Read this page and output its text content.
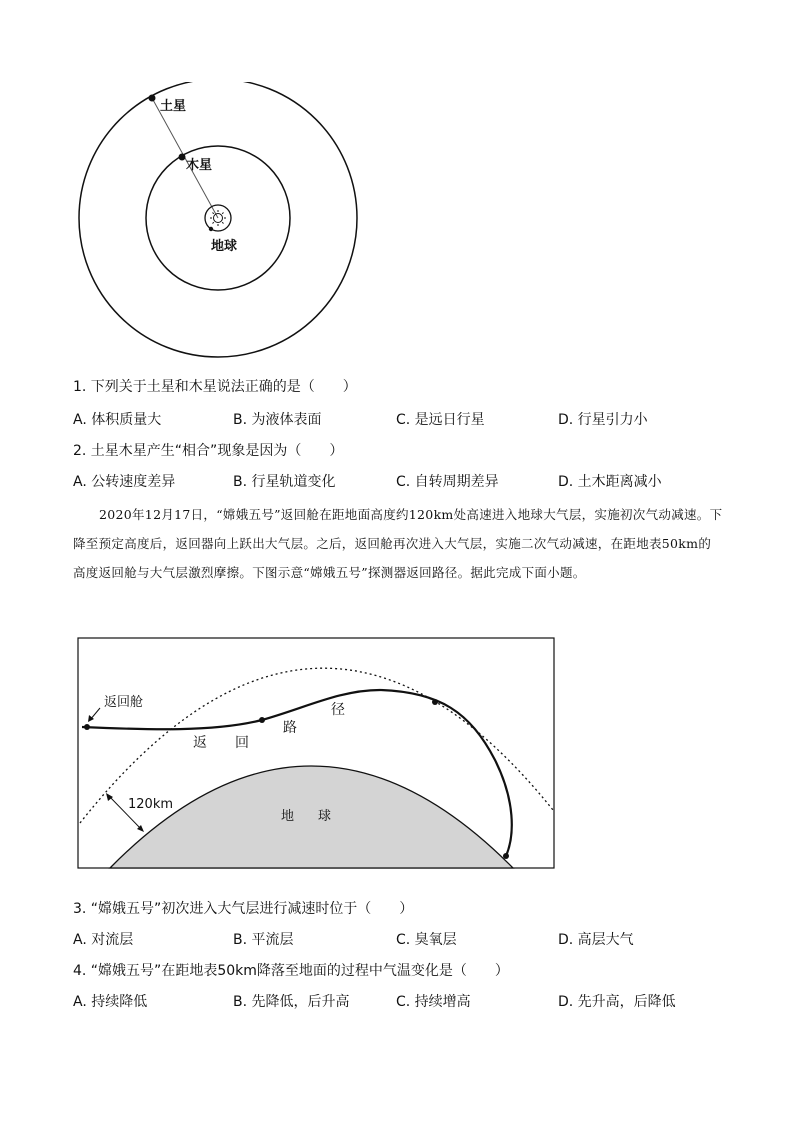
土星
木星
地球
1. 下列关于土星和木星说法正确的是（　　）
A. 体积质量大	B. 为液体表面	C. 是远日行星	D. 行星引力小
2. 土星木星产生“相合”现象是因为（　　）
A. 公转速度差异	B. 行星轨道变化	C. 自转周期差异	D. 土木距离减小
2020年12月17日，“嫦娥五号”返回舱在距地面高度约120km处高速进入地球大气层，实施初次气动减速。下降至预定高度后，返回器向上跃出大气层。之后，返回舱再次进入大气层，实施二次气动减速，在距地表50km的高度返回舱与大气层激烈摩擦。下图示意“嫦娥五号”探测器返回路径。据此完成下面小题。
返回舱
返 回
路
径
120km
地 球
3. “嫦娥五号”初次进入大气层进行减速时位于（　　）
A. 对流层	B. 平流层	C. 臭氧层	D. 高层大气
4. “嫦娥五号”在距地表50km降落至地面的过程中气温变化是（　　）
A. 持续降低	B. 先降低，后升高	C. 持续增高	D. 先升高，后降低
